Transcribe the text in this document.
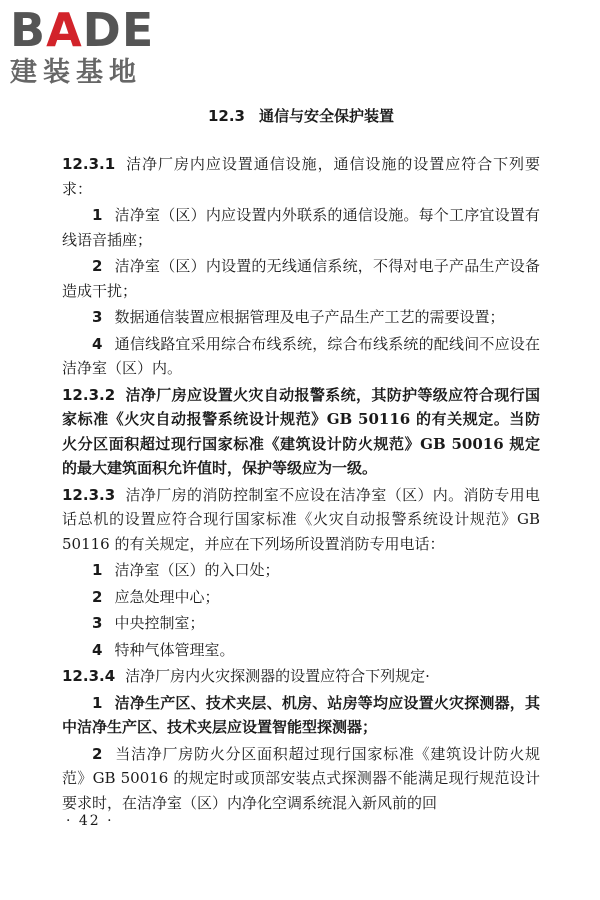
BADE
建装基地
12.3 通信与安全保护装置

12.3.1 洁净厂房内应设置通信设施，通信设施的设置应符合下列要求：

1 洁净室（区）内应设置内外联系的通信设施。每个工序宜设置有线语音插座；

2 洁净室（区）内设置的无线通信系统，不得对电子产品生产设备造成干扰；

3 数据通信装置应根据管理及电子产品生产工艺的需要设置；

4 通信线路宜采用综合布线系统，综合布线系统的配线间不应设在洁净室（区）内。

12.3.2 洁净厂房应设置火灾自动报警系统，其防护等级应符合现行国家标准《火灾自动报警系统设计规范》GB 50116 的有关规定。当防火分区面积超过现行国家标准《建筑设计防火规范》GB 50016 规定的最大建筑面积允许值时，保护等级应为一级。

12.3.3 洁净厂房的消防控制室不应设在洁净室（区）内。消防专用电话总机的设置应符合现行国家标准《火灾自动报警系统设计规范》GB 50116 的有关规定，并应在下列场所设置消防专用电话：

1 洁净室（区）的入口处；

2 应急处理中心；

3 中央控制室；

4 特种气体管理室。

12.3.4 洁净厂房内火灾探测器的设置应符合下列规定·

1 洁净生产区、技术夹层、机房、站房等均应设置火灾探测器，其中洁净生产区、技术夹层应设置智能型探测器；

2 当洁净厂房防火分区面积超过现行国家标准《建筑设计防火规范》GB 50016 的规定时或顶部安装点式探测器不能满足现行规范设计要求时，在洁净室（区）内净化空调系统混入新风前的回

· 42 ·
